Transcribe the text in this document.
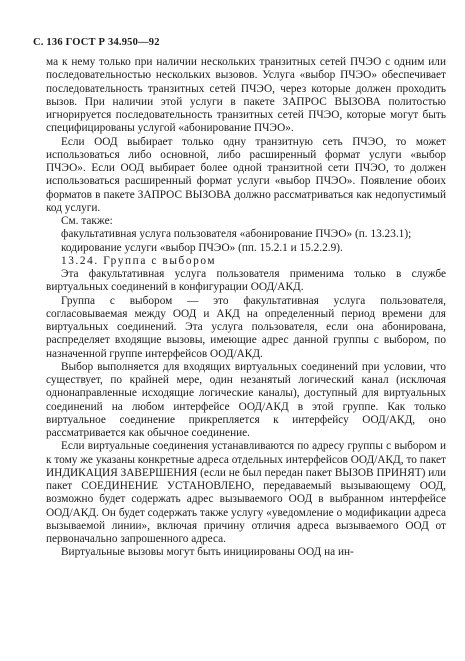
С. 136 ГОСТ Р 34.950—92

ма к нему только при наличии нескольких транзитных сетей ПЧЭО с одним или последовательностью нескольких вызовов. Услуга «выбор ПЧЭО» обеспечивает последовательность транзитных сетей ПЧЭО, через которые должен проходить вызов. При наличии этой услуги в пакете ЗАПРОС ВЫЗОВА политостью игнорируется последовательность транзитных сетей ПЧЭО, которые могут быть специфицированы услугой «абонирование ПЧЭО».

Если ООД выбирает только одну транзитную сеть ПЧЭО, то может использоваться либо основной, либо расширенный формат услуги «выбор ПЧЭО». Если ООД выбирает более одной транзитной сети ПЧЭО, то должен использоваться расширенный формат услуги «выбор ПЧЭО». Появление обоих форматов в пакете ЗАПРОС ВЫЗОВА должно рассматриваться как недопустимый код услуги.

См. также:

факультативная услуга пользователя «абонирование ПЧЭО» (п. 13.23.1);

кодирование услуги «выбор ПЧЭО» (пп. 15.2.1 и 15.2.2.9).

13.24. Группа с выбором

Эта факультативная услуга пользователя применима только в службе виртуальных соединений в конфигурации ООД/АКД.

Группа с выбором — это факультативная услуга пользователя, согласовываемая между ООД и АКД на определенный период времени для виртуальных соединений. Эта услуга пользователя, если она абонирована, распределяет входящие вызовы, имеющие адрес данной группы с выбором, по назначенной группе интерфейсов ООД/АКД.

Выбор выполняется для входящих виртуальных соединений при условии, что существует, по крайней мере, один незанятый логический канал (исключая однонаправленные исходящие логические каналы), доступный для виртуальных соединений на любом интерфейсе ООД/АКД в этой группе. Как только виртуальное соединение прикрепляется к интерфейсу ООД/АКД, оно рассматривается как обычное соединение.

Если виртуальные соединения устанавливаются по адресу группы с выбором и к тому же указаны конкретные адреса отдельных интерфейсов ООД/АКД, то пакет ИНДИКАЦИЯ ЗАВЕРШЕНИЯ (если не был передан пакет ВЫЗОВ ПРИНЯТ) или пакет СОЕДИНЕНИЕ УСТАНОВЛЕНО, передаваемый вызывающему ООД, возможно будет содержать адрес вызываемого ООД в выбранном интерфейсе ООД/АКД. Он будет содержать также услугу «уведомление о модификации адреса вызываемой линии», включая причину отличия адреса вызываемого ООД от первоначально запрошенного адреса.

Виртуальные вызовы могут быть инициированы ООД на ин-
